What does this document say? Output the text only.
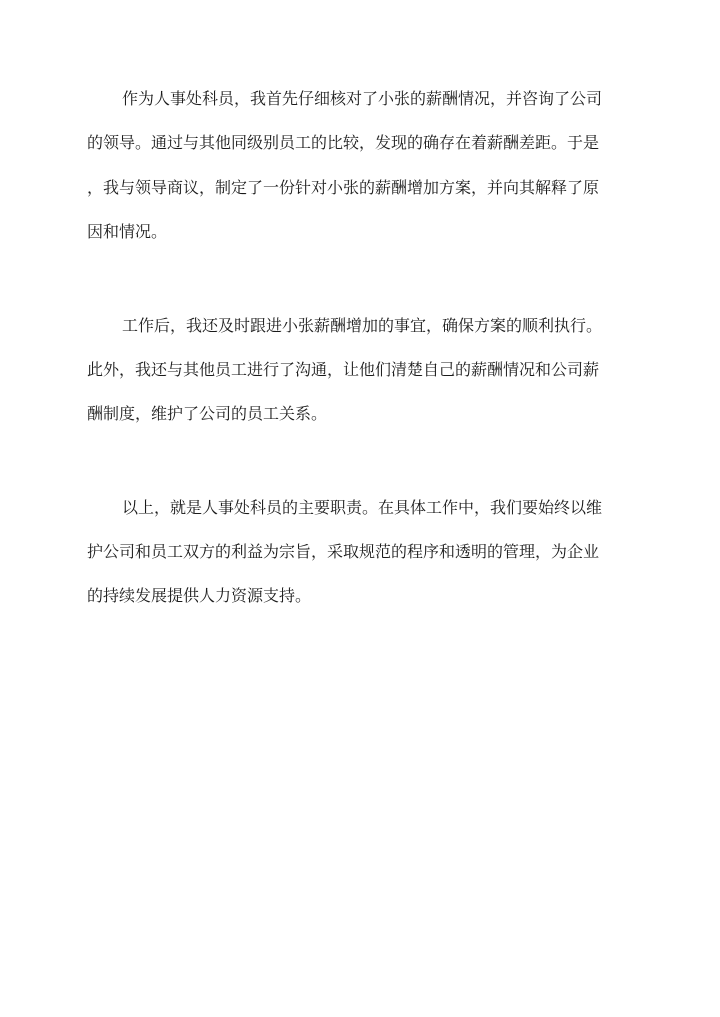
作为人事处科员，我首先仔细核对了小张的薪酬情况，并咨询了公司
的领导。通过与其他同级别员工的比较，发现的确存在着薪酬差距。于是
，我与领导商议，制定了一份针对小张的薪酬增加方案，并向其解释了原
因和情况。
工作后，我还及时跟进小张薪酬增加的事宜，确保方案的顺利执行。
此外，我还与其他员工进行了沟通，让他们清楚自己的薪酬情况和公司薪
酬制度，维护了公司的员工关系。
以上，就是人事处科员的主要职责。在具体工作中，我们要始终以维
护公司和员工双方的利益为宗旨，采取规范的程序和透明的管理，为企业
的持续发展提供人力资源支持。
